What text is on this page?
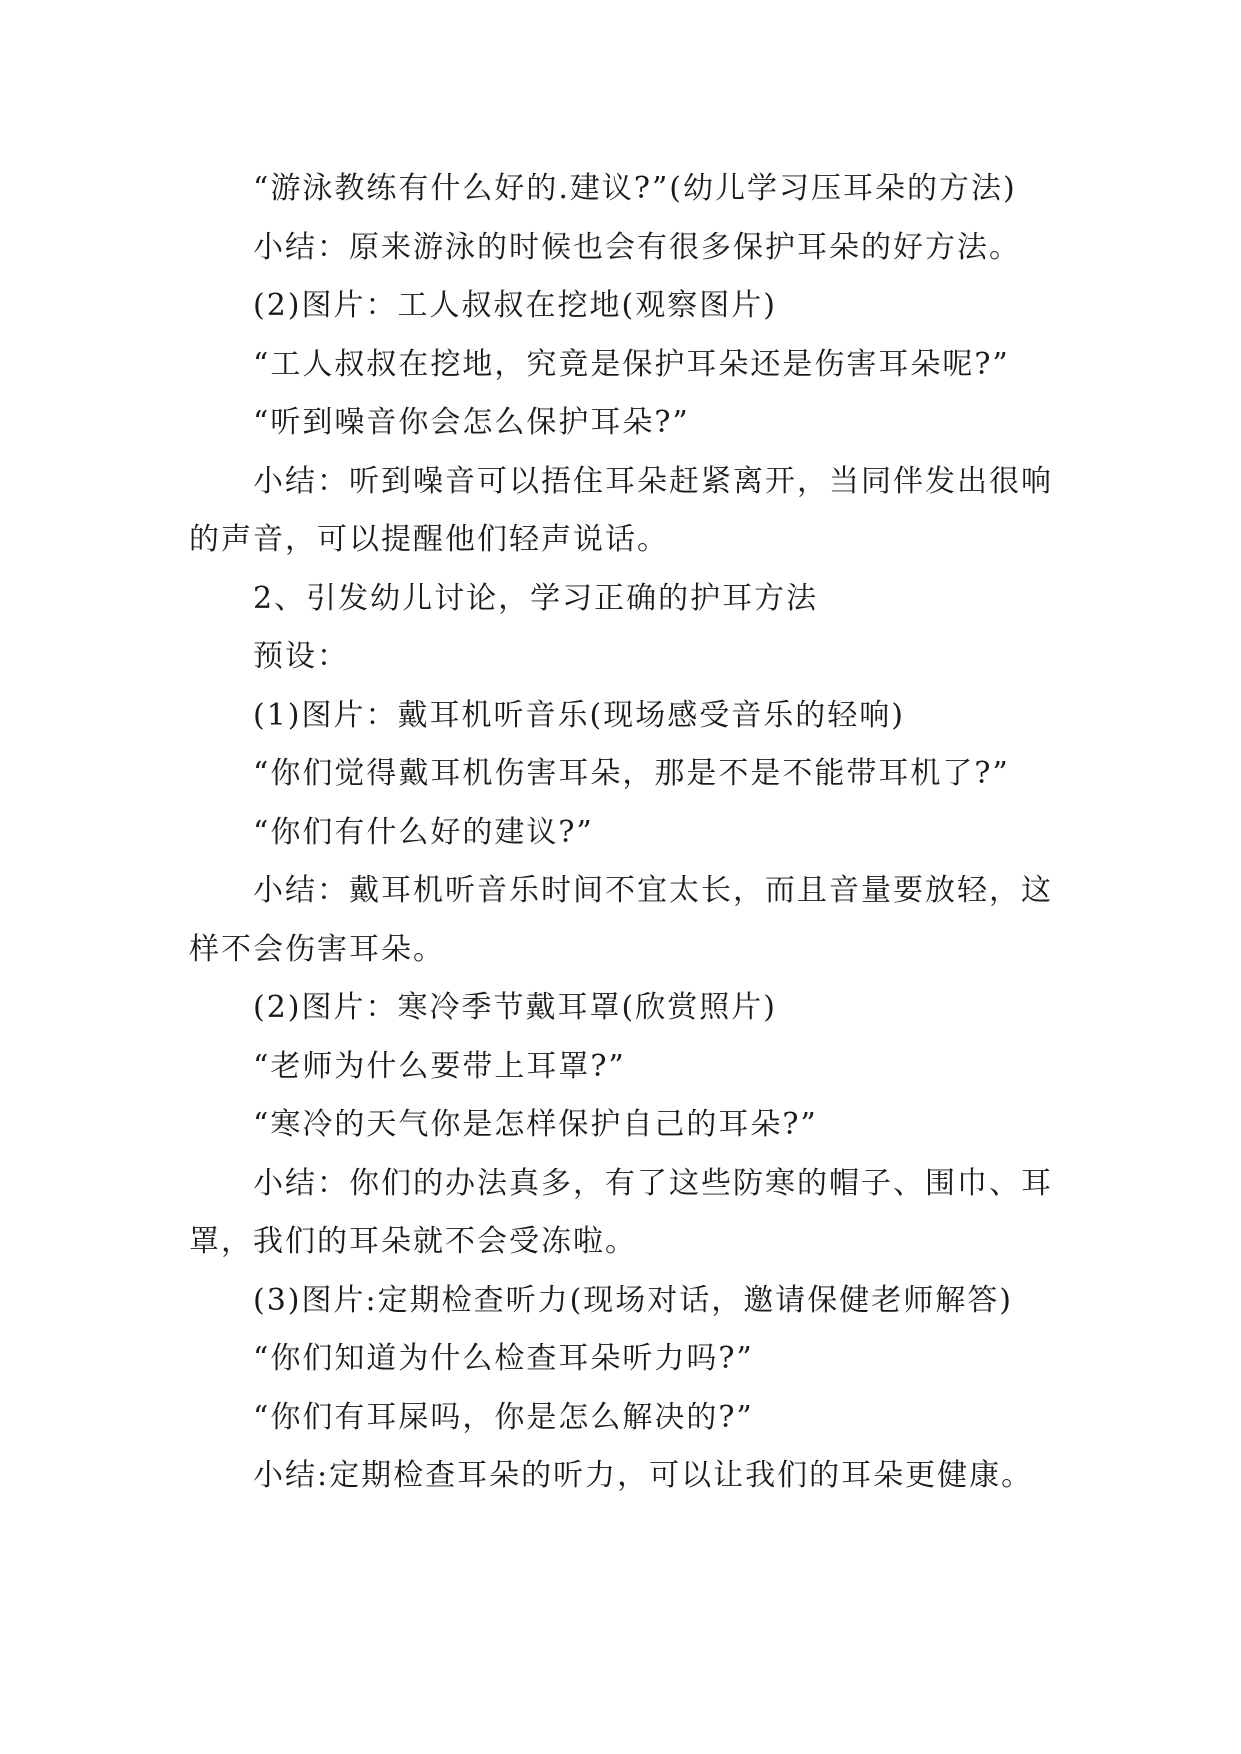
“游泳教练有什么好的.建议?”(幼儿学习压耳朵的方法)

小结：原来游泳的时候也会有很多保护耳朵的好方法。

(2)图片：工人叔叔在挖地(观察图片)

“工人叔叔在挖地，究竟是保护耳朵还是伤害耳朵呢?”

“听到噪音你会怎么保护耳朵?”

小结：听到噪音可以捂住耳朵赶紧离开，当同伴发出很响的声音，可以提醒他们轻声说话。

2、引发幼儿讨论，学习正确的护耳方法

预设：

(1)图片：戴耳机听音乐(现场感受音乐的轻响)

“你们觉得戴耳机伤害耳朵，那是不是不能带耳机了?”

“你们有什么好的建议?”

小结：戴耳机听音乐时间不宜太长，而且音量要放轻，这样不会伤害耳朵。

(2)图片：寒冷季节戴耳罩(欣赏照片)

“老师为什么要带上耳罩?”

“寒冷的天气你是怎样保护自己的耳朵?”

小结：你们的办法真多，有了这些防寒的帽子、围巾、耳罩，我们的耳朵就不会受冻啦。

(3)图片:定期检查听力(现场对话，邀请保健老师解答)

“你们知道为什么检查耳朵听力吗?”

“你们有耳屎吗，你是怎么解决的?”

小结:定期检查耳朵的听力，可以让我们的耳朵更健康。
